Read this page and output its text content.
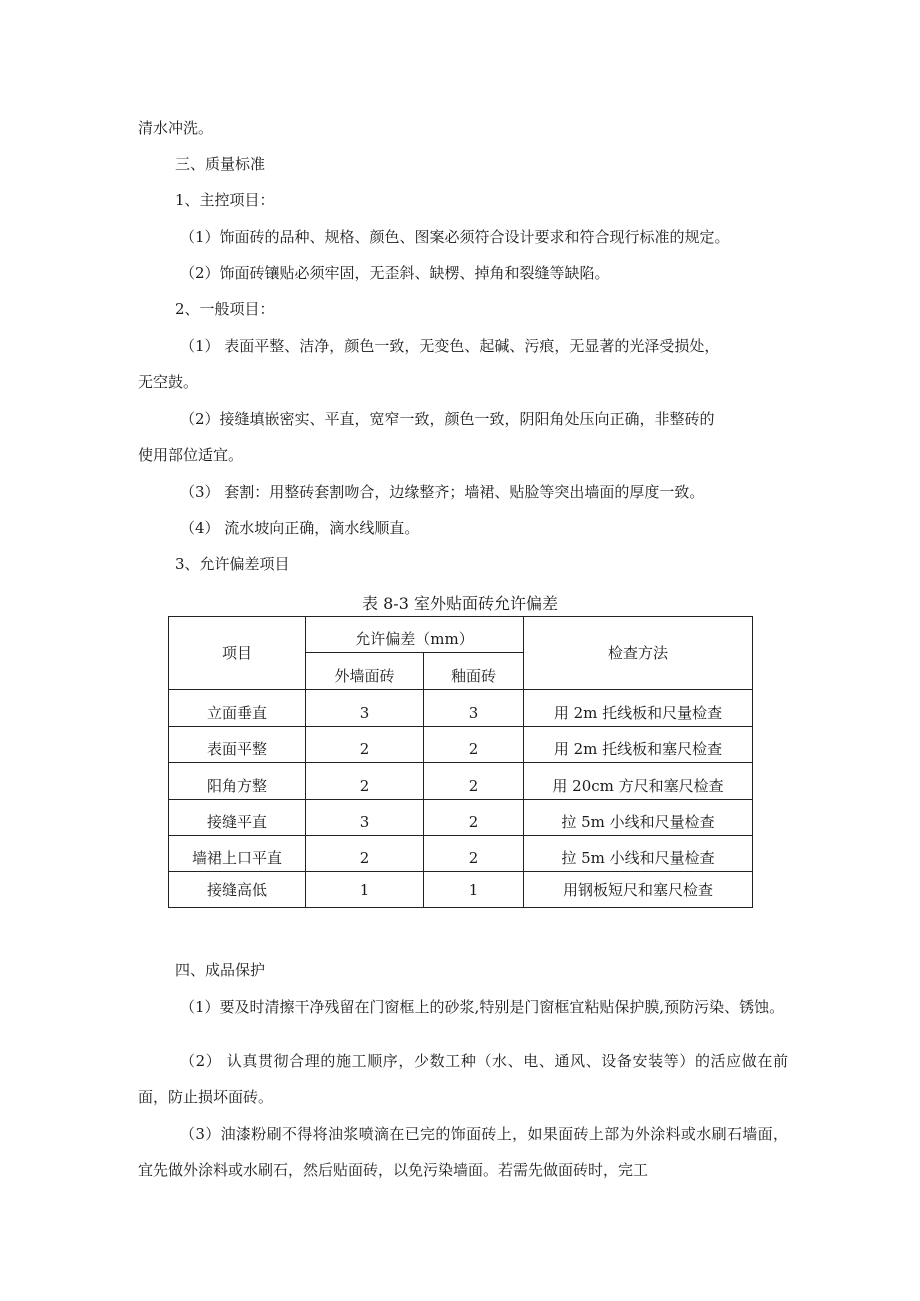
清水冲洗。
三、质量标准
1、主控项目：
（1）饰面砖的品种、规格、颜色、图案必须符合设计要求和符合现行标准的规定。
（2）饰面砖镶贴必须牢固，无歪斜、缺楞、掉角和裂缝等缺陷。
2、一般项目：
（1） 表面平整、洁净，颜色一致，无变色、起碱、污痕，无显著的光泽受损处，
无空鼓。
（2）接缝填嵌密实、平直，宽窄一致，颜色一致，阴阳角处压向正确，非整砖的
使用部位适宜。
（3） 套割：用整砖套割吻合，边缘整齐；墙裙、贴脸等突出墙面的厚度一致。
（4） 流水坡向正确，滴水线顺直。
3、允许偏差项目
表 8-3 室外贴面砖允许偏差
项目	允许偏差（mm）		检查方法
	外墙面砖	釉面砖	
立面垂直	3	3	用 2m 托线板和尺量检查
表面平整	2	2	用 2m 托线板和塞尺检查
阳角方整	2	2	用 20cm 方尺和塞尺检查
接缝平直	3	2	拉 5m 小线和尺量检查
墙裙上口平直	2	2	拉 5m 小线和尺量检查
接缝高低	1	1	用钢板短尺和塞尺检查
四、成品保护
（1）要及时清擦干净残留在门窗框上的砂浆,特别是门窗框宜粘贴保护膜,预防污染、锈蚀。
（2） 认真贯彻合理的施工顺序，少数工种（水、电、通风、设备安装等）的活应做在前面，防止损坏面砖。
（3）油漆粉刷不得将油浆喷滴在已完的饰面砖上，如果面砖上部为外涂料或水刷石墙面，宜先做外涂料或水刷石，然后贴面砖，以免污染墙面。若需先做面砖时，完工
